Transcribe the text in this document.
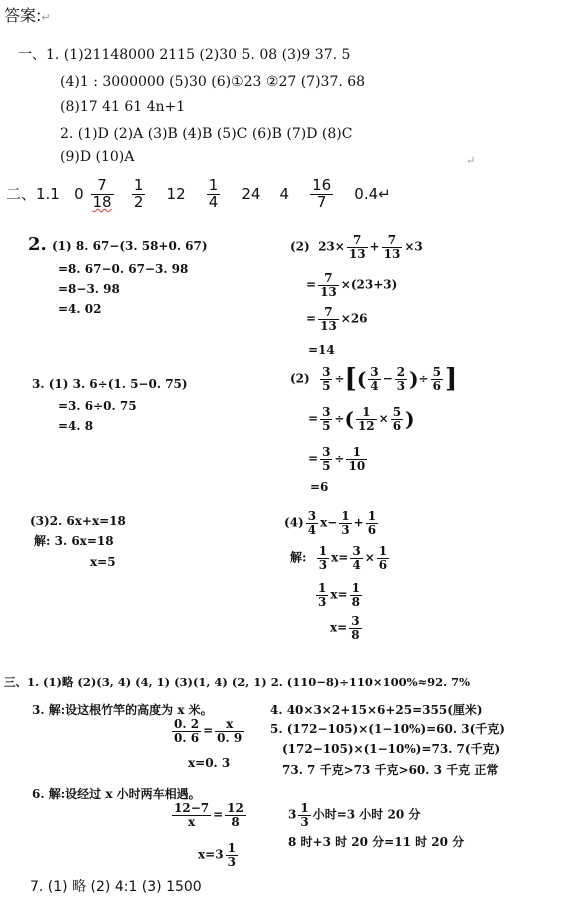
答案:↵
一、1. (1)21148000 2115 (2)30 5. 08 (3)9 37. 5
(4)1 : 3000000 (5)30 (6)①23 ②27 (7)37. 68
(8)17 41 61 4n+1
2. (1)D (2)A (3)B (4)B (5)C (6)B (7)D (8)C
(9)D (10)A	↵
二、1.1 $0 \frac{7}{18}$
$\frac{1}{2} 12 \frac{1}{4} 24$ $4 \frac{16}{7}$ 0.4↵
2. (1) 8. 67−(3. 58+0. 67)
=8. 67−0. 67−3. 98
=8−3. 98
=4. 02
(2) $23\times \frac{7}{13} + \frac{7}{13} \times 3$
= $\frac{7}{13} \times(23+3)$
= $\frac{7}{13} \times 26$
=14
3. (1) 3. 6÷(1. 5−0. 75)
=3. 6÷0. 75
=4. 8
$(2) \frac{3}{5}$ ÷[( $\frac{3}{4} - \frac{2}{3}$ )÷ $\frac{5}{6}$ ]
= $\frac{3}{5}$ ÷( $\frac{1}{12} \times \frac{5}{6}$ )
= $\frac{3}{5} \div \frac{1}{10}$
=6
(3)2. 6x+x=18
解: 3. 6x=18
x=5
$(4) \frac{3}{4} x- \frac{1}{3} + \frac{1}{6}$
解: $\frac{1}{3} x= \frac{3}{4} \times \frac{1}{6}$
$\frac{1}{3} x= \frac{1}{8}$
$x= \frac{3}{8}$
三、1. (1)略 (2)(3, 4) (4, 1) (3)(1, 4) (2, 1) 2. (110−8)÷110×100%≈92. 7%
3. 解:设这根竹竿的高度为 x 米。
$\frac{0. 2}{0. 6} = \frac{x}{0. 9}$
x=0. 3
4. 40×3×2+15×6+25=355(厘米)
5. (172−105)×(1−10%)=60. 3(千克)
(172−105)×(1−10%)=73. 7(千克)
73. 7 千克>73 千克>60. 3 千克 正常
6. 解:设经过 x 小时两车相遇。
$\frac{12-7}{x} = \frac{12}{8}$
$x=3 \frac{1}{3}$
$3 \frac{1}{3}$ 小时=3 小时 20 分
8 时+3 时 20 分=11 时 20 分
7. (1) 略 (2) 4:1 (3) 1500
